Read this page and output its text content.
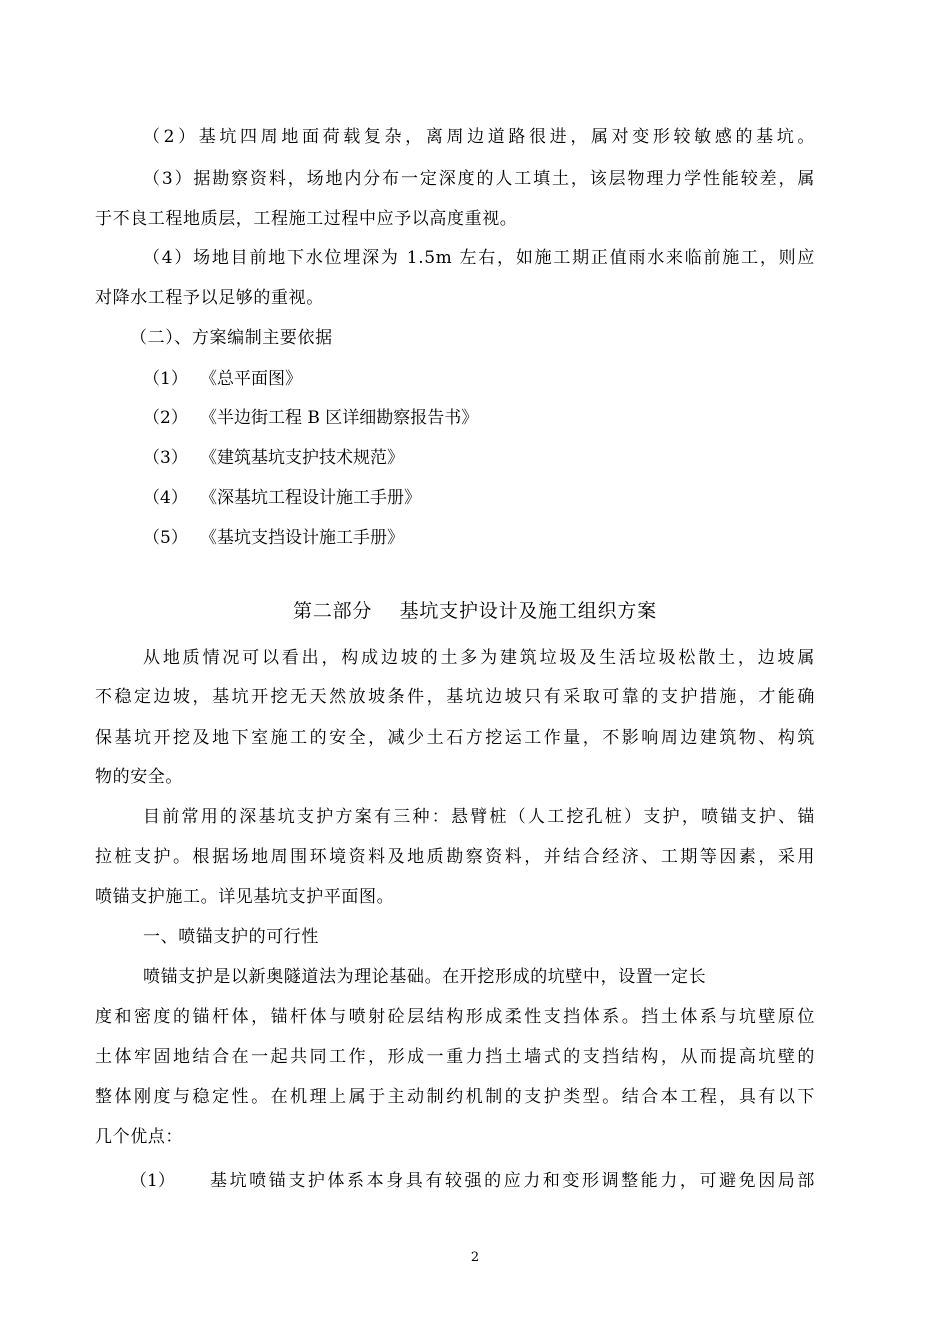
（2）基坑四周地面荷载复杂，离周边道路很进，属对变形较敏感的基坑。
（3）据勘察资料，场地内分布一定深度的人工填土，该层物理力学性能较差，属
于不良工程地质层，工程施工过程中应予以高度重视。
（4）场地目前地下水位埋深为 1.5m 左右，如施工期正值雨水来临前施工，则应
对降水工程予以足够的重视。
（二）、方案编制主要依据
（1） 《总平面图》
（2） 《半边街工程 B 区详细勘察报告书》
（3） 《建筑基坑支护技术规范》
（4） 《深基坑工程设计施工手册》
（5） 《基坑支挡设计施工手册》
第二部分    基坑支护设计及施工组织方案
从地质情况可以看出，构成边坡的土多为建筑垃圾及生活垃圾松散土，边坡属
不稳定边坡，基坑开挖无天然放坡条件，基坑边坡只有采取可靠的支护措施，才能确
保基坑开挖及地下室施工的安全，减少土石方挖运工作量，不影响周边建筑物、构筑
物的安全。
目前常用的深基坑支护方案有三种：悬臂桩（人工挖孔桩）支护，喷锚支护、锚
拉桩支护。根据场地周围环境资料及地质勘察资料，并结合经济、工期等因素，采用
喷锚支护施工。详见基坑支护平面图。
一、喷锚支护的可行性
喷锚支护是以新奥隧道法为理论基础。在开挖形成的坑壁中，设置一定长
度和密度的锚杆体，锚杆体与喷射砼层结构形成柔性支挡体系。挡土体系与坑壁原位
土体牢固地结合在一起共同工作，形成一重力挡土墙式的支挡结构，从而提高坑壁的
整体刚度与稳定性。在机理上属于主动制约机制的支护类型。结合本工程，具有以下
几个优点：
（1） 基坑喷锚支护体系本身具有较强的应力和变形调整能力，可避免因局部
2
